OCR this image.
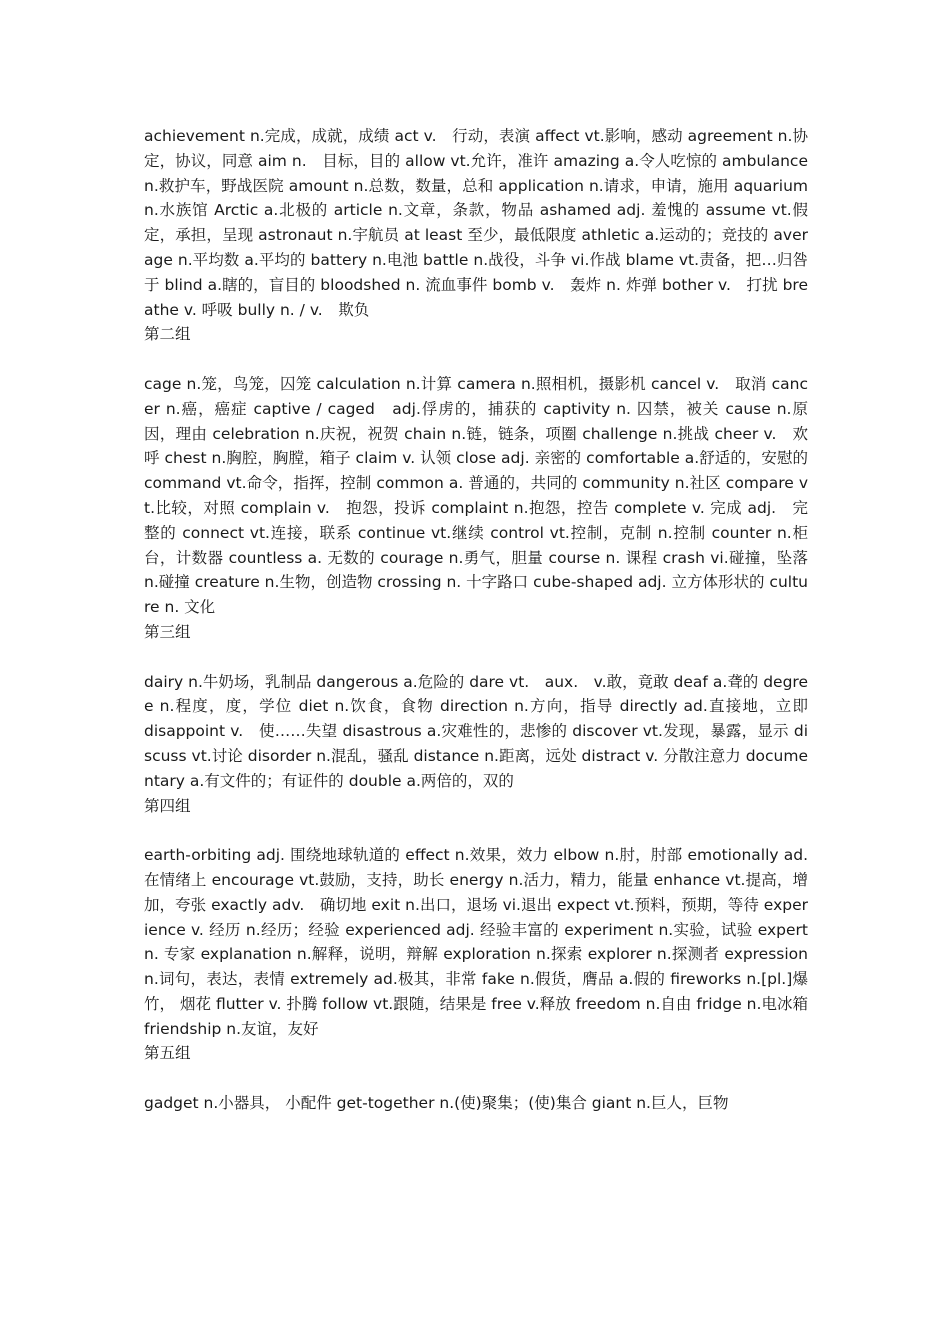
achievement n.完成，成就，成绩 act v.　行动，表演 affect vt.影响，感动 agreement n.协定，协议，同意 aim n.　目标，目的 allow vt.允许，准许 amazing a.令人吃惊的 ambulance n.救护车，野战医院 amount n.总数，数量，总和 application n.请求，申请，施用 aquarium n.水族馆 Arctic a.北极的 article n.文章，条款，物品 ashamed adj. 羞愧的 assume vt.假定，承担，呈现 astronaut n.宇航员 at least 至少，最低限度 athletic a.运动的；竞技的 average n.平均数 a.平均的 battery n.电池 battle n.战役，斗争 vi.作战 blame vt.责备，把…归咎于 blind a.瞎的，盲目的 bloodshed n. 流血事件 bomb v.　轰炸 n. 炸弹 bother v.　打扰 breathe v. 呼吸 bully n. / v.　欺负

第二组

cage n.笼，鸟笼，囚笼 calculation n.计算 camera n.照相机，摄影机 cancel v.　取消 cancer n.癌，癌症 captive / caged　adj.俘虏的，捕获的 captivity n. 囚禁，被关 cause n.原因，理由 celebration n.庆祝，祝贺 chain n.链，链条，项圈 challenge n.挑战 cheer v.　欢呼 chest n.胸腔，胸膛，箱子 claim v. 认领 close adj. 亲密的 comfortable a.舒适的，安慰的 command vt.命令，指挥，控制 common a. 普通的，共同的 community n.社区 compare vt.比较，对照 complain v.　抱怨，投诉 complaint n.抱怨，控告 complete v. 完成 adj.　完整的 connect vt.连接，联系 continue vt.继续 control vt.控制，克制 n.控制 counter n.柜台，计数器 countless a. 无数的 courage n.勇气，胆量 course n. 课程 crash vi.碰撞，坠落 n.碰撞 creature n.生物，创造物 crossing n. 十字路口 cube-shaped adj. 立方体形状的 culture n. 文化

第三组

dairy n.牛奶场，乳制品 dangerous a.危险的 dare vt.　aux.　v.敢，竟敢 deaf a.聋的 degree n.程度，度，学位 diet n.饮食，食物 direction n.方向，指导 directly ad.直接地，立即　　disappoint v.　使……失望 disastrous a.灾难性的，悲惨的 discover vt.发现，暴露，显示 discuss vt.讨论 disorder n.混乱，骚乱 distance n.距离，远处 distract v. 分散注意力 documentary a.有文件的；有证件的 double a.两倍的，双的

第四组

earth-orbiting adj. 围绕地球轨道的 effect n.效果，效力 elbow n.肘，肘部 emotionally ad. 在情绪上 encourage vt.鼓励，支持，助长 energy n.活力，精力，能量 enhance vt.提高，增加，夸张 exactly adv.　确切地 exit n.出口，退场 vi.退出 expect vt.预料，预期，等待 experience v. 经历 n.经历；经验 experienced adj. 经验丰富的 experiment n.实验，试验 expert n. 专家 explanation n.解释，说明，辩解 exploration n.探索 explorer n.探测者 expression n.词句，表达，表情 extremely ad.极其，非常 fake n.假货，膺品 a.假的 fireworks n.[pl.]爆竹， 烟花 flutter v. 扑腾 follow vt.跟随，结果是 free v.释放 freedom n.自由 fridge n.电冰箱 friendship n.友谊，友好

第五组

gadget n.小器具， 小配件 get-together n.(使)聚集；(使)集合 giant n.巨人，巨物
